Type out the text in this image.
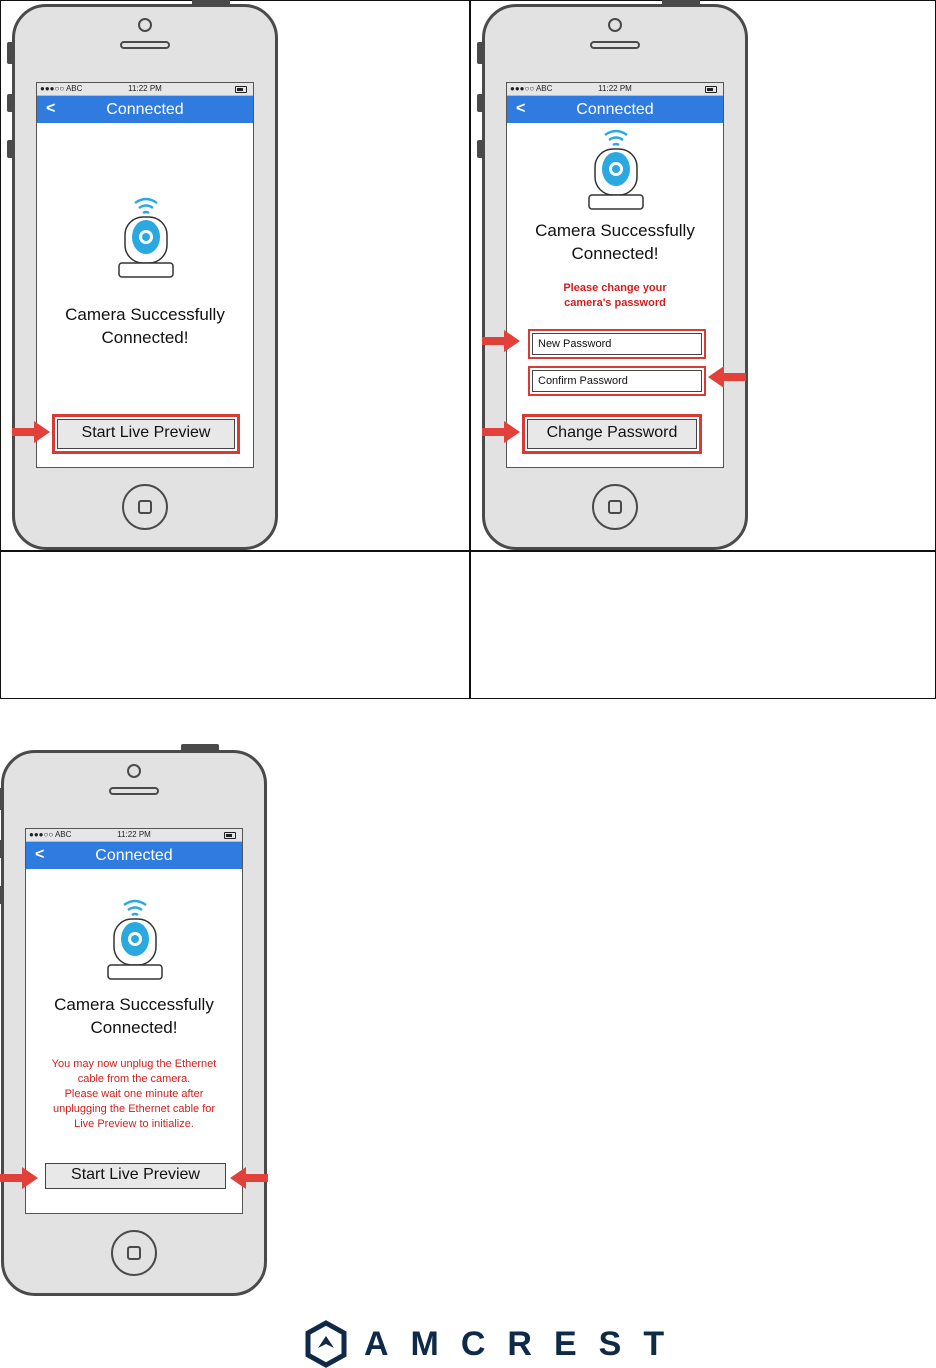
●●●○○ ABC	11:22 PM
<	Connected
Camera Successfully
Connected!
Start Live Preview
●●●○○ ABC	11:22 PM
<	Connected
Camera Successfully
Connected!
Please change your
camera's password
New Password
Confirm Password
Change Password
●●●○○ ABC	11:22 PM
<	Connected
Camera Successfully
Connected!
You may now unplug the Ethernet
cable from the camera.
Please wait one minute after
unplugging the Ethernet cable for
Live Preview to initialize.
Start Live Preview
AMCREST
